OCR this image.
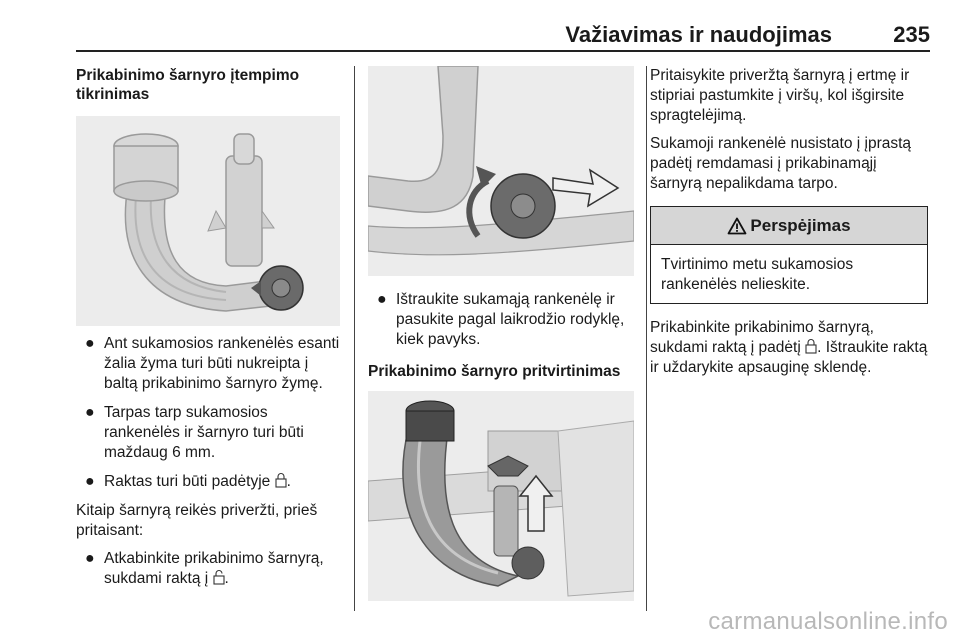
Važiavimas ir naudojimas	235
Prikabinimo šarnyro įtempimo tikrinimas
● Ant sukamosios rankenėlės esanti žalia žyma turi būti nukreipta į baltą prikabinimo šarnyro žymę.
● Tarpas tarp sukamosios rankenėlės ir šarnyro turi būti maždaug 6 mm.
● Raktas turi būti padėtyje .
Kitaip šarnyrą reikės priveržti, prieš pritaisant:
● Atkabinkite prikabinimo šarnyrą, sukdami raktą į .
● Ištraukite sukamąją rankenėlę ir pasukite pagal laikrodžio rodyklę, kiek pavyks.
Prikabinimo šarnyro pritvirtinimas
Pritaisykite priveržtą šarnyrą į ertmę ir stipriai pastumkite į viršų, kol išgirsite spragtelėjimą.
Sukamoji rankenėlė nusistato į įprastą padėtį remdamasi į prikabinamąjį šarnyrą nepalikdama tarpo.
Perspėjimas
Tvirtinimo metu sukamosios rankenėlės nelieskite.
Prikabinkite prikabinimo šarnyrą, sukdami raktą į padėtį . Ištraukite raktą ir uždarykite apsauginę sklendę.
carmanualsonline.info
